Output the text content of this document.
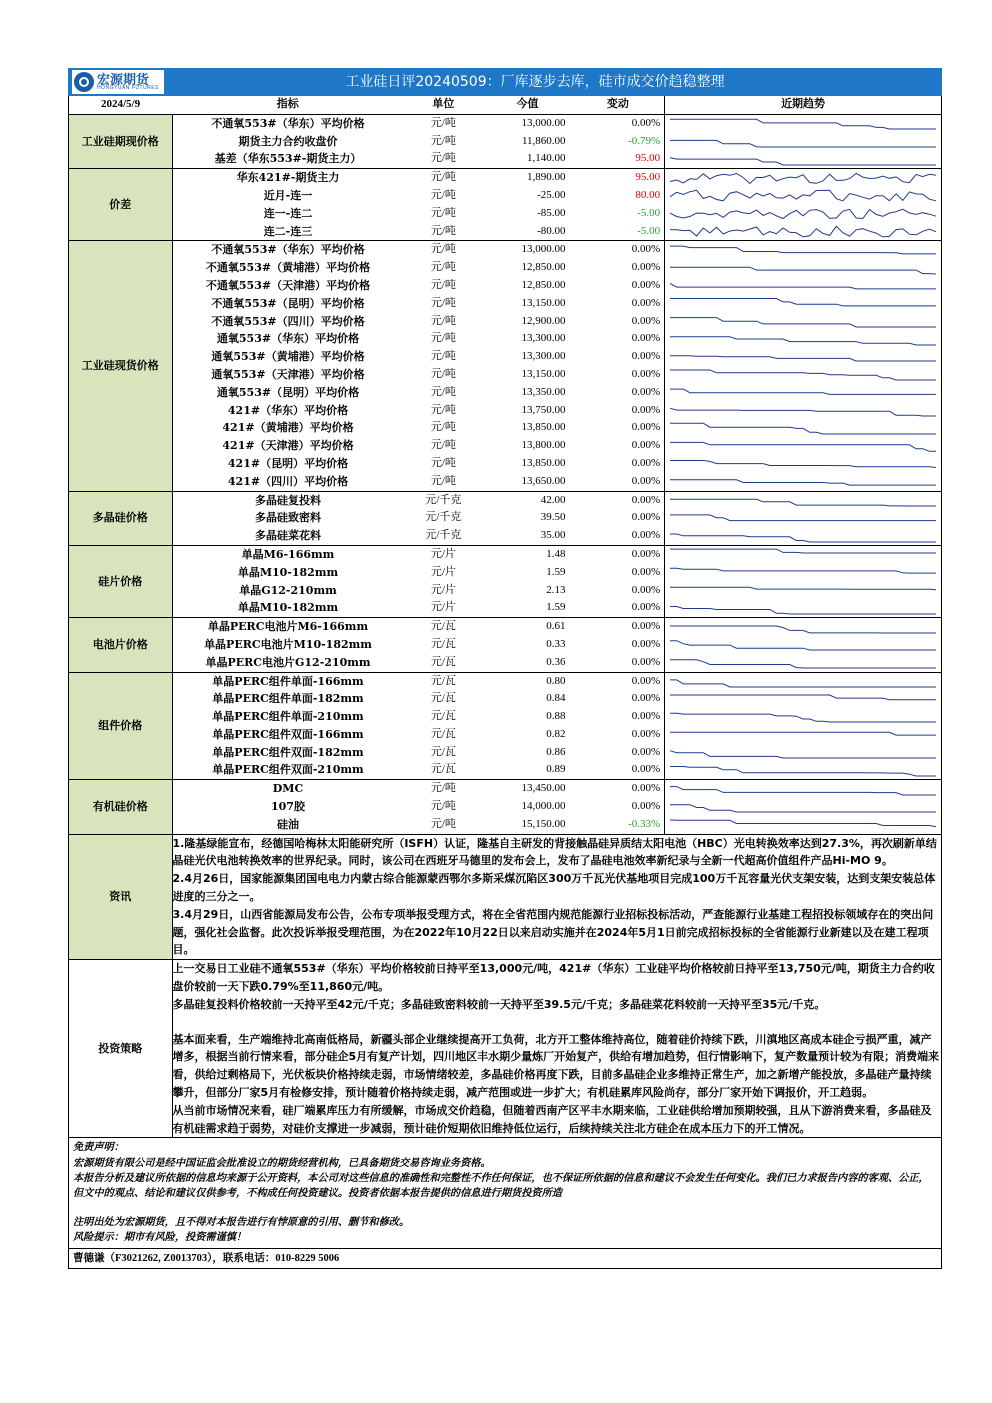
宏源期货
HONGYUAN FUTURES	工业硅日评20240509：厂库逐步去库，硅市成交价趋稳整理
2024/5/9	指标	单位	今值	变动	近期趋势
工业硅期现价格	不通氧553#（华东）平均价格	元/吨	13,000.00	0.00%	

	期货主力合约收盘价	元/吨	11,860.00	-0.79%	

	基差（华东553#-期货主力）	元/吨	1,140.00	95.00	

价差	华东421#-期货主力	元/吨	1,890.00	95.00	

	近月-连一	元/吨	-25.00	80.00	

	连一-连二	元/吨	-85.00	-5.00	

	连二-连三	元/吨	-80.00	-5.00	

工业硅现货价格	不通氧553#（华东）平均价格	元/吨	13,000.00	0.00%	

	不通氧553#（黄埔港）平均价格	元/吨	12,850.00	0.00%	

	不通氧553#（天津港）平均价格	元/吨	12,850.00	0.00%	

	不通氧553#（昆明）平均价格	元/吨	13,150.00	0.00%	

	不通氧553#（四川）平均价格	元/吨	12,900.00	0.00%	

	通氧553#（华东）平均价格	元/吨	13,300.00	0.00%	

	通氧553#（黄埔港）平均价格	元/吨	13,300.00	0.00%	

	通氧553#（天津港）平均价格	元/吨	13,150.00	0.00%	

	通氧553#（昆明）平均价格	元/吨	13,350.00	0.00%	

	421#（华东）平均价格	元/吨	13,750.00	0.00%	

	421#（黄埔港）平均价格	元/吨	13,850.00	0.00%	

	421#（天津港）平均价格	元/吨	13,800.00	0.00%	

	421#（昆明）平均价格	元/吨	13,850.00	0.00%	

	421#（四川）平均价格	元/吨	13,650.00	0.00%	

多晶硅价格	多晶硅复投料	元/千克	42.00	0.00%	

	多晶硅致密料	元/千克	39.50	0.00%	

	多晶硅菜花料	元/千克	35.00	0.00%	

硅片价格	单晶M6-166mm	元/片	1.48	0.00%	

	单晶M10-182mm	元/片	1.59	0.00%	

	单晶G12-210mm	元/片	2.13	0.00%	

	单晶M10-182mm	元/片	1.59	0.00%	

电池片价格	单晶PERC电池片M6-166mm	元/瓦	0.61	0.00%	

	单晶PERC电池片M10-182mm	元/瓦	0.33	0.00%	

	单晶PERC电池片G12-210mm	元/瓦	0.36	0.00%	

组件价格	单晶PERC组件单面-166mm	元/瓦	0.80	0.00%	

	单晶PERC组件单面-182mm	元/瓦	0.84	0.00%	

	单晶PERC组件单面-210mm	元/瓦	0.88	0.00%	

	单晶PERC组件双面-166mm	元/瓦	0.82	0.00%	

	单晶PERC组件双面-182mm	元/瓦	0.86	0.00%	

	单晶PERC组件双面-210mm	元/瓦	0.89	0.00%	

有机硅价格	DMC	元/吨	13,450.00	0.00%	

	107胶	元/吨	14,000.00	0.00%	

	硅油	元/吨	15,150.00	-0.33%	
资讯	

1.隆基绿能宣布，经德国哈梅林太阳能研究所（ISFH）认证，隆基自主研发的背接触晶硅异质结太阳电池（HBC）光电转换效率达到27.3%，再次刷新单结晶硅光伏电池转换效率的世界纪录。同时，该公司在西班牙马德里的发布会上，发布了晶硅电池效率新纪录与全新一代超高价值组件产品Hi-MO 9。

2.4月26日，国家能源集团国电电力内蒙古综合能源蒙西鄂尔多斯采煤沉陷区300万千瓦光伏基地项目完成100万千瓦容量光伏支架安装，达到支架安装总体进度的三分之一。

3.4月29日，山西省能源局发布公告，公布专项举报受理方式，将在全省范围内规范能源行业招标投标活动，严查能源行业基建工程招投标领域存在的突出问题，强化社会监督。此次投诉举报受理范围，为在2022年10月22日以来启动实施并在2024年5月1日前完成招标投标的全省能源行业新建以及在建工程项目。

投资策略	

上一交易日工业硅不通氧553#（华东）平均价格较前日持平至13,000元/吨，421#（华东）工业硅平均价格较前日持平至13,750元/吨，期货主力合约收盘价较前一天下跌0.79%至11,860元/吨。

多晶硅复投料价格较前一天持平至42元/千克；多晶硅致密料较前一天持平至39.5元/千克；多晶硅菜花料较前一天持平至35元/千克。

基本面来看，生产端维持北高南低格局，新疆头部企业继续提高开工负荷，北方开工整体维持高位，随着硅价持续下跌，川滇地区高成本硅企亏损严重，减产增多，根据当前行情来看，部分硅企5月有复产计划，四川地区丰水期少量炼厂开始复产，供给有增加趋势，但行情影响下，复产数量预计较为有限；消费端来看，供给过剩格局下，光伏板块价格持续走弱，市场情绪较差，多晶硅价格再度下跌，目前多晶硅企业多维持正常生产，加之新增产能投放，多晶硅产量持续攀升，但部分厂家5月有检修安排，预计随着价格持续走弱，减产范围或进一步扩大；有机硅累库风险尚存，部分厂家开始下调报价，开工趋弱。

从当前市场情况来看，硅厂端累库压力有所缓解，市场成交价趋稳，但随着西南产区平丰水期来临，工业硅供给增加预期较强，且从下游消费来看，多晶硅及有机硅需求趋于弱势，对硅价支撑进一步减弱，预计硅价短期依旧维持低位运行，后续持续关注北方硅企在成本压力下的开工情况。

免责声明：

宏源期货有限公司是经中国证监会批准设立的期货经营机构，已具备期货交易咨询业务资格。

本报告分析及建议所依据的信息均来源于公开资料，本公司对这些信息的准确性和完整性不作任何保证，也不保证所依据的信息和建议不会发生任何变化。我们已力求报告内容的客观、公正，但文中的观点、结论和建议仅供参考，不构成任何投资建议。投资者依据本报告提供的信息进行期货投资所造

注明出处为宏源期货，且不得对本报告进行有悖原意的引用、删节和修改。

风险提示：期市有风险，投资需谨慎！

曹德谦（F3021262, Z0013703），联系电话：010-8229 5006
